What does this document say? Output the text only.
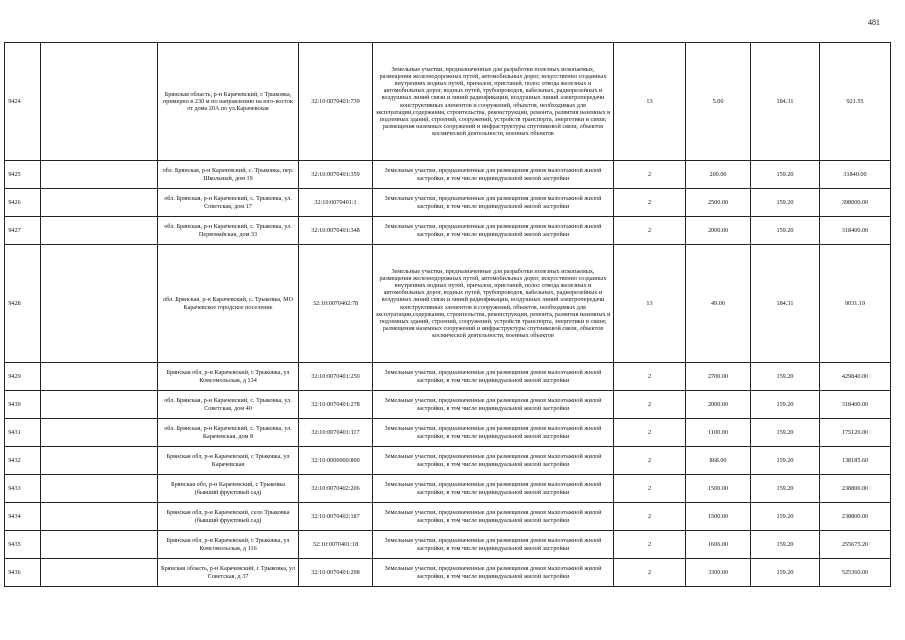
481
9424		Брянская область, р-н Карачевский, с Трыковка, примерно в 230 м по направлению на юго-восток от дома 20А по ул.Карачевская	32:10:0070401:739	Земельные участки, предназначенные для разработки полезных ископаемых, размещения железнодорожных путей, автомобильных дорог, искусственно созданных внутренних водных путей, причалов, пристаней, полос отвода железных и автомобильных дорог, водных путей, трубопроводов, кабельных, радиорелейных и воздушных линий связи и линий радиофикации, воздушных линий электропередачи конструктивных элементов и сооружений, объектов, необходимых для эксплуатации,содержания, строительства, реконструкции, ремонта, развития наземных и подземных зданий, строений, сооружений, устройств транспорта, энергетики и связи; размещения наземных сооружений и инфраструктуры спутниковой связи, объектов космической деятельности, военных объектов	13	5.00	184.31	921.55
9425		обл. Брянская, р-н Карачевский, с. Трыковка, пер. Школьный, дом 19	32:10:0070401:359	Земельные участки, предназначенные для размещения домов малоэтажной жилой застройки, в том числе индивидуальной жилой застройки	2	200.00	159.20	31840.00
9426		обл. Брянская, р-н Карачевский, с. Трыковка, ул. Советская, дом 17	32:10:0070401:1	Земельные участки, предназначенные для размещения домов малоэтажной жилой застройки, в том числе индивидуальной жилой застройки	2	2500.00	159.20	398000.00
9427		обл. Брянская, р-н Карачевский, с. Трыковка, ул. Первомайская, дом 33	32:10:0070401:348	Земельные участки, предназначенные для размещения домов малоэтажной жилой застройки, в том числе индивидуальной жилой застройки	2	2000.00	159.20	318400.00
9428		обл. Брянская, р-н Карачевский, с. Трыковка, МО Карачевское городское поселение	32:10:0070402:78	Земельные участки, предназначенные для разработки полезных ископаемых, размещения железнодорожных путей, автомобильных дорог, искусственно созданных внутренних водных путей, причалов, пристаней, полос отвода железных и автомобильных дорог, водных путей, трубопроводов, кабельных, радиорелейных и воздушных линий связи и линий радиофикации, воздушных линий электропередачи конструктивных элементов и сооружений, объектов, необходимых для эксплуатации,содержания, строительства, реконструкции, ремонта, развития наземных и подземных зданий, строений, сооружений, устройств транспорта, энергетики и связи; размещения наземных сооружений и инфраструктуры спутниковой связи, объектов космической деятельности, военных объектов	13	49.00	184.31	9031.19
9429		Брянская обл, р-н Карачевский, с Трыковка, ул Комсомольская, д 134	32:10:0070401:250	Земельные участки, предназначенные для размещения домов малоэтажной жилой застройки, в том числе индивидуальной жилой застройки	2	2700.00	159.20	429840.00
9430		обл. Брянская, р-н Карачевский, с. Трыковка, ул. Советская, дом 40	32:10:0070401:278	Земельные участки, предназначенные для размещения домов малоэтажной жилой застройки, в том числе индивидуальной жилой застройки	2	2000.00	159.20	318400.00
9431		обл. Брянская, р-н Карачевский, с. Трыковка, ул. Карачевская, дом 8	32:10:0070401:117	Земельные участки, предназначенные для размещения домов малоэтажной жилой застройки, в том числе индивидуальной жилой застройки	2	1100.00	159.20	175120.00
9432		Брянская обл, р-н Карачевский, с Трыковка, ул Карачевская	32:10:0000000:800	Земельные участки, предназначенные для размещения домов малоэтажной жилой застройки, в том числе индивидуальной жилой застройки	2	868.00	159.20	138185.60
9433		Брянская обл, р-н Карачевский, с Трыковка (бывший фруктовый сад)	32:10:0070402:206	Земельные участки, предназначенные для размещения домов малоэтажной жилой застройки, в том числе индивидуальной жилой застройки	2	1500.00	159.20	238800.00
9434		Брянская обл, р-н Карачевский, село Трыковка (бывший фруктовый сад)	32:10:0070402:187	Земельные участки, предназначенные для размещения домов малоэтажной жилой застройки, в том числе индивидуальной жилой застройки	2	1500.00	159.20	238800.00
9435		Брянская обл, р-н Карачевский, с Трыковка, ул Комсомольская, д 116	32:10:0070401:18	Земельные участки, предназначенные для размещения домов малоэтажной жилой застройки, в том числе индивидуальной жилой застройки	2	1606.00	159.20	255675.20
9436		Брянская область, р-н Карачевский, с Трыковка, ул Советская, д 37	32:10:0070401:298	Земельные участки, предназначенные для размещения домов малоэтажной жилой застройки, в том числе индивидуальной жилой застройки	2	3300.00	159.20	525360.00
